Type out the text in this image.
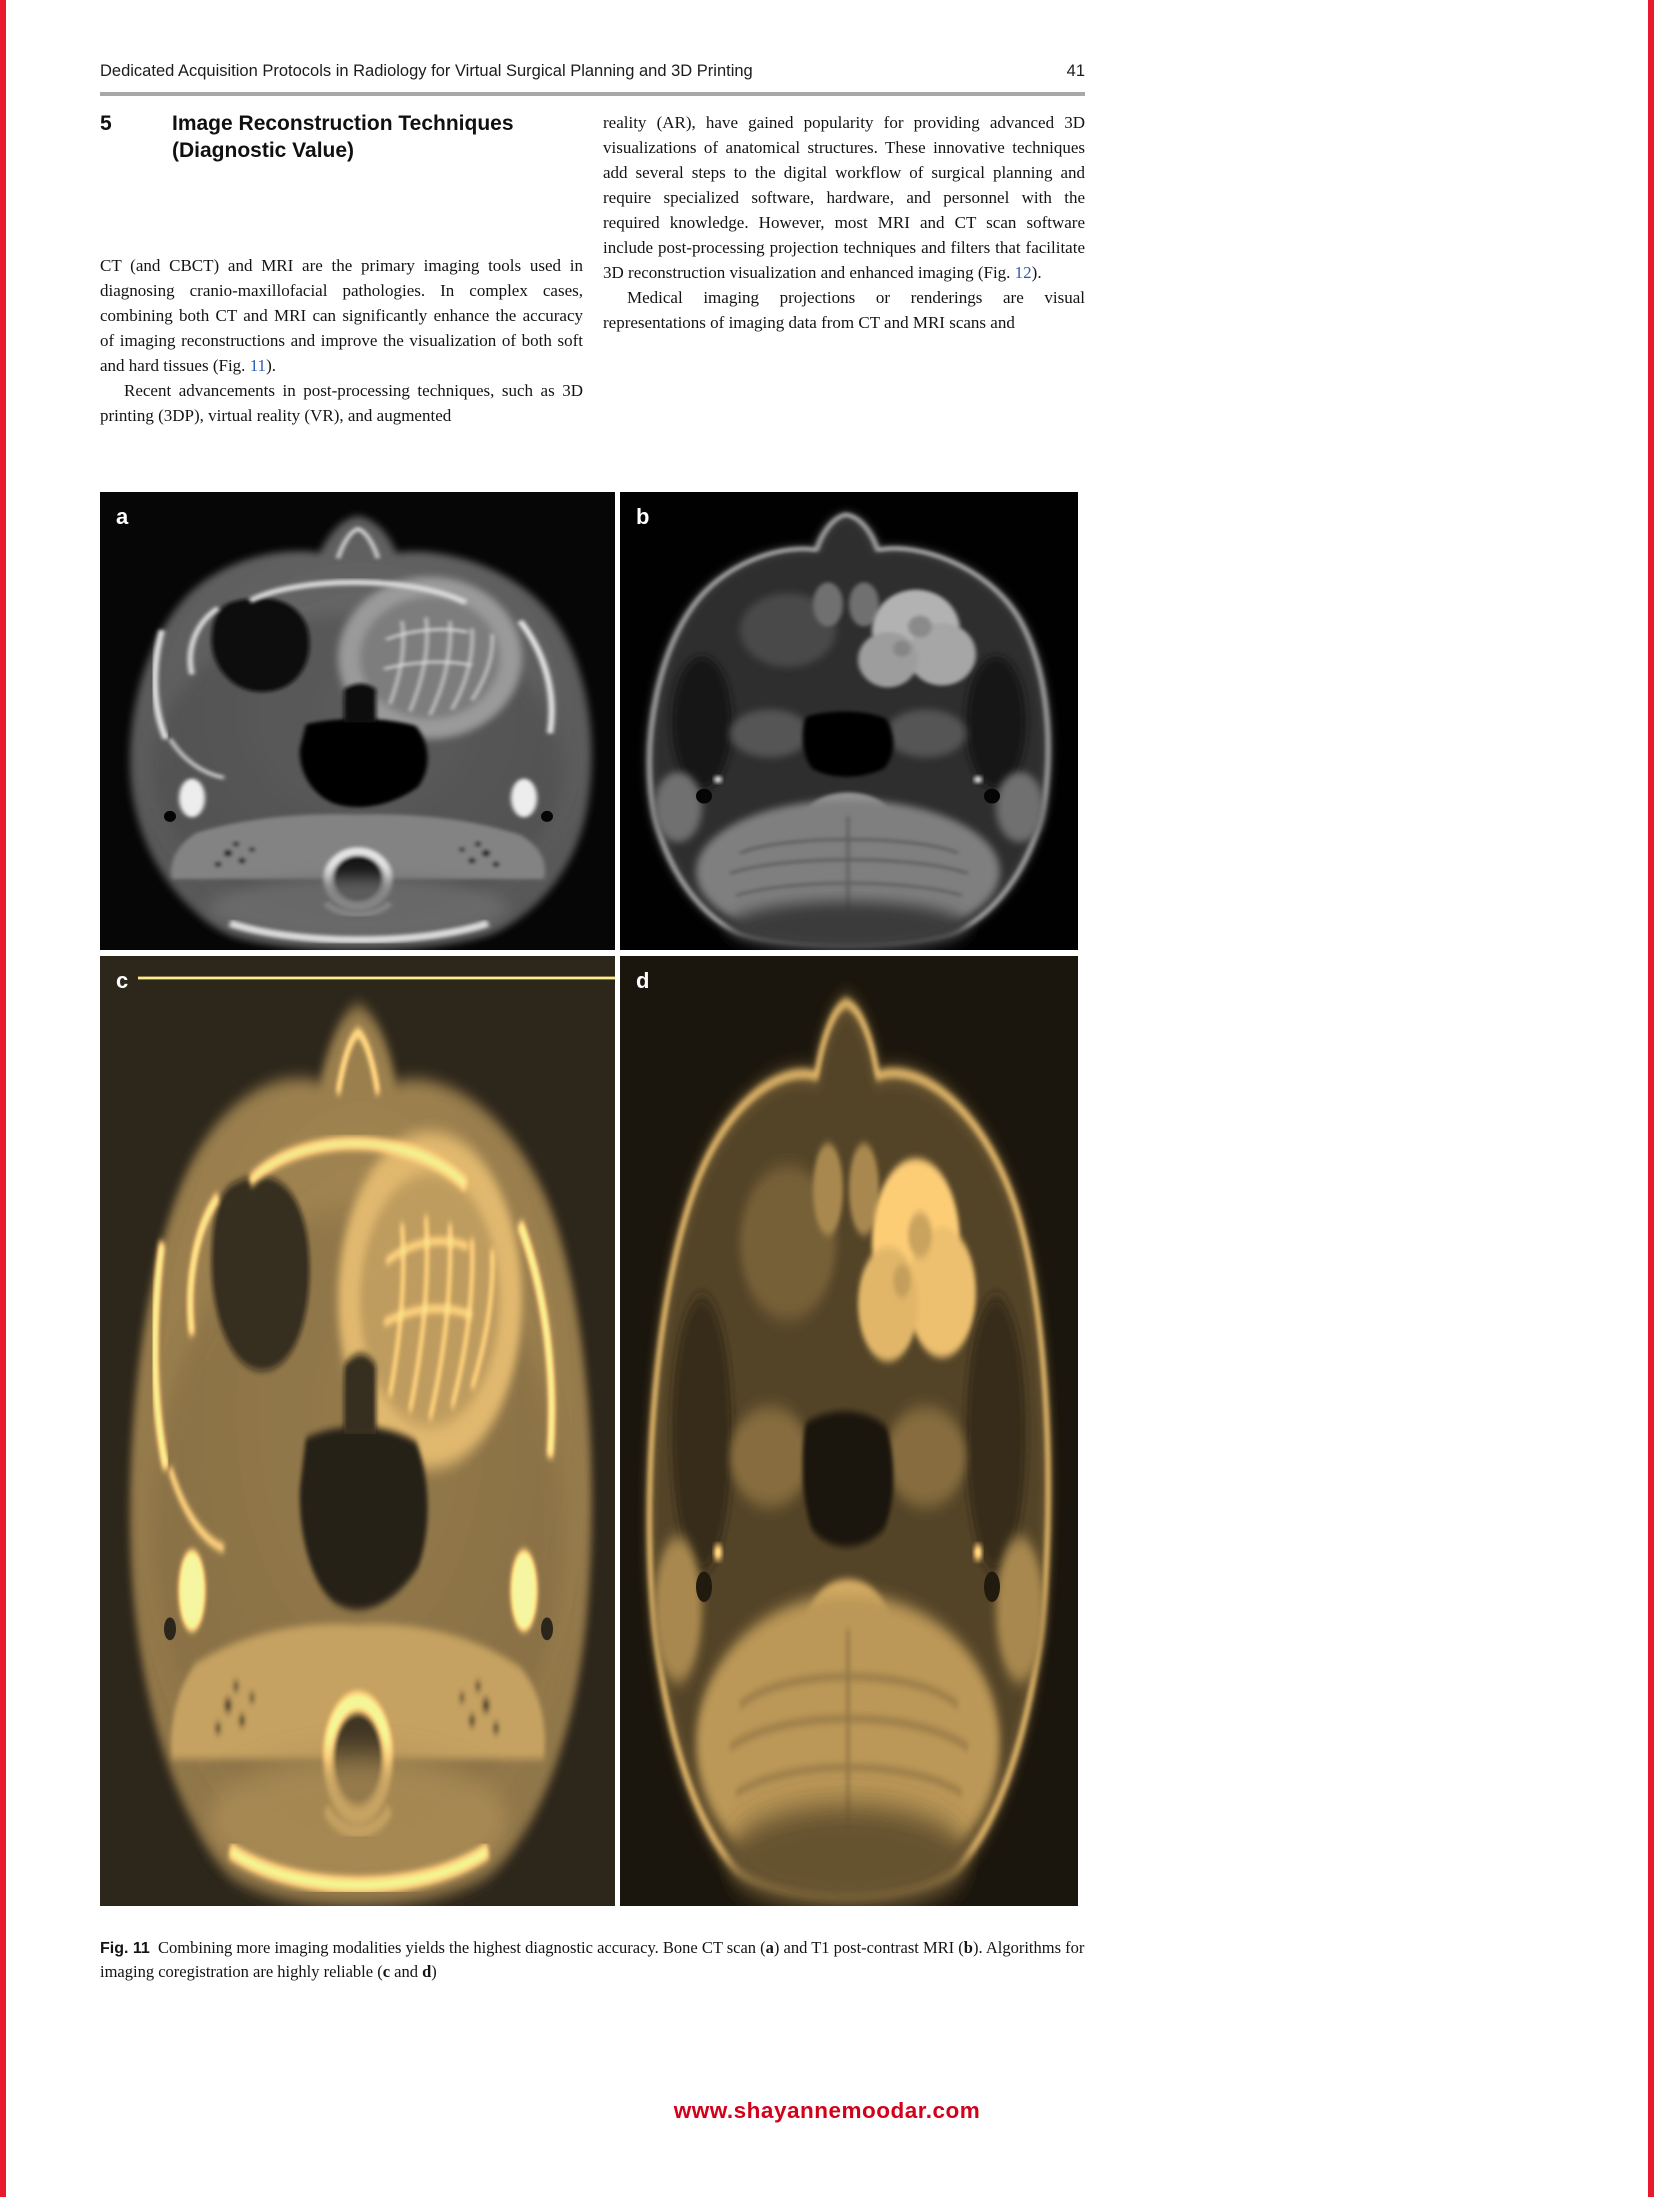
Dedicated Acquisition Protocols in Radiology for Virtual Surgical Planning and 3D Printing	41
5	Image Reconstruction Techniques
(Diagnostic Value)

CT (and CBCT) and MRI are the primary imaging tools used in diagnosing cranio-maxillofacial pathologies. In complex cases, combining both CT and MRI can significantly enhance the accuracy of imaging reconstructions and improve the visualization of both soft and hard tissues (Fig. 11).

Recent advancements in post-processing techniques, such as 3D printing (3DP), virtual reality (VR), and augmented

reality (AR), have gained popularity for providing advanced 3D visualizations of anatomical structures. These innovative techniques add several steps to the digital workflow of surgical planning and require specialized software, hardware, and personnel with the required knowledge. However, most MRI and CT scan software include post-processing projection techniques and filters that facilitate 3D reconstruction visualization and enhanced imaging (Fig. 12).

Medical imaging projections or renderings are visual representations of imaging data from CT and MRI scans and

a	b
c	d
Fig. 11 Combining more imaging modalities yields the highest diagnostic accuracy. Bone CT scan (a) and T1 post-contrast MRI (b). Algorithms for imaging coregistration are highly reliable (c and d)
www.shayannemoodar.com
